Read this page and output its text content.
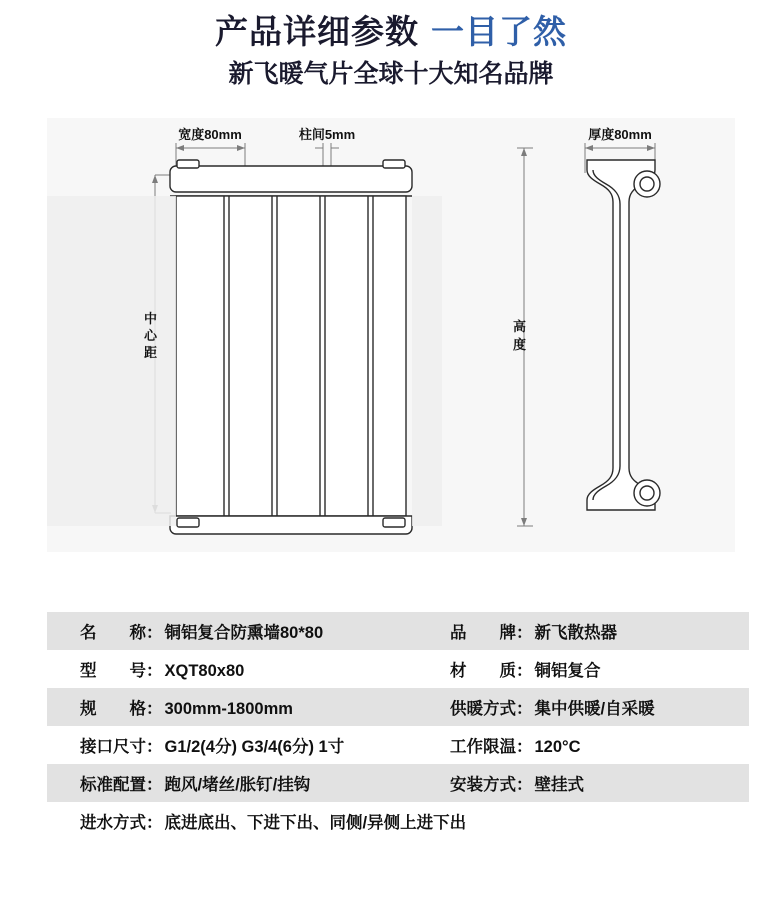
产品详细参数 一目了然
新飞暖气片全球十大知名品牌
宽度80mm	柱间5mm	厚度80mm
中
心
距
高
度
名　　称： 铜铝复合防熏墙80*80	品　　牌： 新飞散热器
型　　号： XQT80x80	材　　质： 铜铝复合
规　　格： 300mm-1800mm	供暖方式： 集中供暖/自采暖
接口尺寸： G1/2(4分) G3/4(6分) 1寸	工作限温： 120°C
标准配置： 跑风/堵丝/胀钉/挂钩	安装方式： 壁挂式
进水方式： 底进底出、下进下出、同侧/异侧上进下出
